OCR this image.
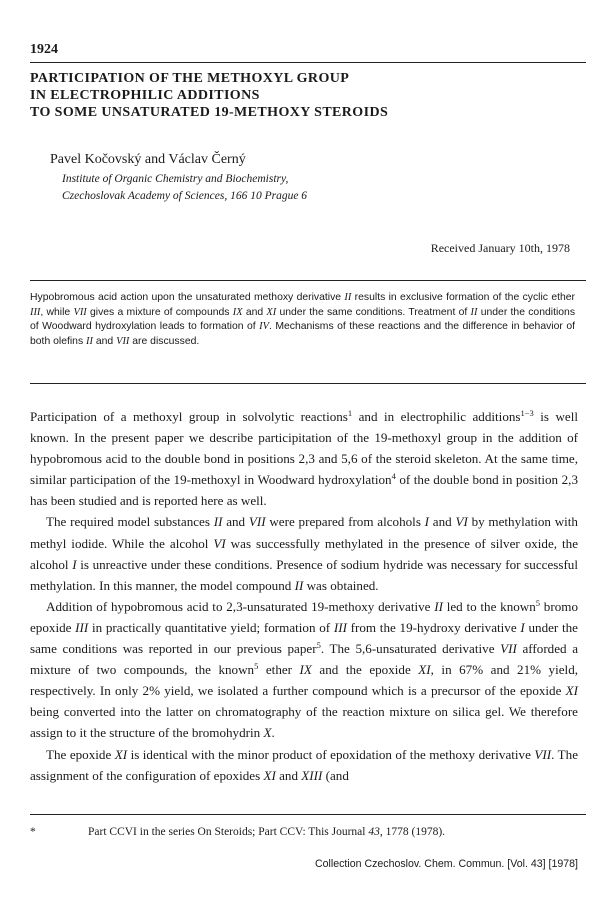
1924
PARTICIPATION OF THE METHOXYL GROUP
IN ELECTROPHILIC ADDITIONS
TO SOME UNSATURATED 19-METHOXY STEROIDS
Pavel Kočovský and Václav Černý
Institute of Organic Chemistry and Biochemistry,
Czechoslovak Academy of Sciences, 166 10 Prague 6
Received January 10th, 1978
Hypobromous acid action upon the unsaturated methoxy derivative II results in exclusive formation of the cyclic ether III, while VII gives a mixture of compounds IX and XI under the same conditions. Treatment of II under the conditions of Woodward hydroxylation leads to formation of IV. Mechanisms of these reactions and the difference in behavior of both olefins II and VII are discussed.

Participation of a methoxyl group in solvolytic reactions$^1$ and in electrophilic additions$^{1-3}$ is well known. In the present paper we describe participitation of the 19-methoxyl group in the addition of hypobromous acid to the double bond in positions 2,3 and 5,6 of the steroid skeleton. At the same time, similar participation of the 19-methoxyl in Woodward hydroxylation$^4$ of the double bond in position 2,3 has been studied and is reported here as well.

The required model substances II and VII were prepared from alcohols I and VI by methylation with methyl iodide. While the alcohol VI was successfully methylated in the presence of silver oxide, the alcohol I is unreactive under these conditions. Presence of sodium hydride was necessary for successful methylation. In this manner, the model compound II was obtained.

Addition of hypobromous acid to 2,3-unsaturated 19-methoxy derivative II led to the known$^5$ bromo epoxide III in practically quantitative yield; formation of III from the 19-hydroxy derivative I under the same conditions was reported in our previous paper$^5$. The 5,6-unsaturated derivative VII afforded a mixture of two compounds, the known$^5$ ether IX and the epoxide XI, in 67% and 21% yield, respectively. In only 2% yield, we isolated a further compound which is a precursor of the epoxide XI being converted into the latter on chromatography of the reaction mixture on silica gel. We therefore assign to it the structure of the bromohydrin X.

The epoxide XI is identical with the minor product of epoxidation of the methoxy derivative VII. The assignment of the configuration of epoxides XI and XIII (and

*	Part CCVI in the series On Steroids; Part CCV: This Journal 43, 1778 (1978).
Collection Czechoslov. Chem. Commun. [Vol. 43] [1978]
